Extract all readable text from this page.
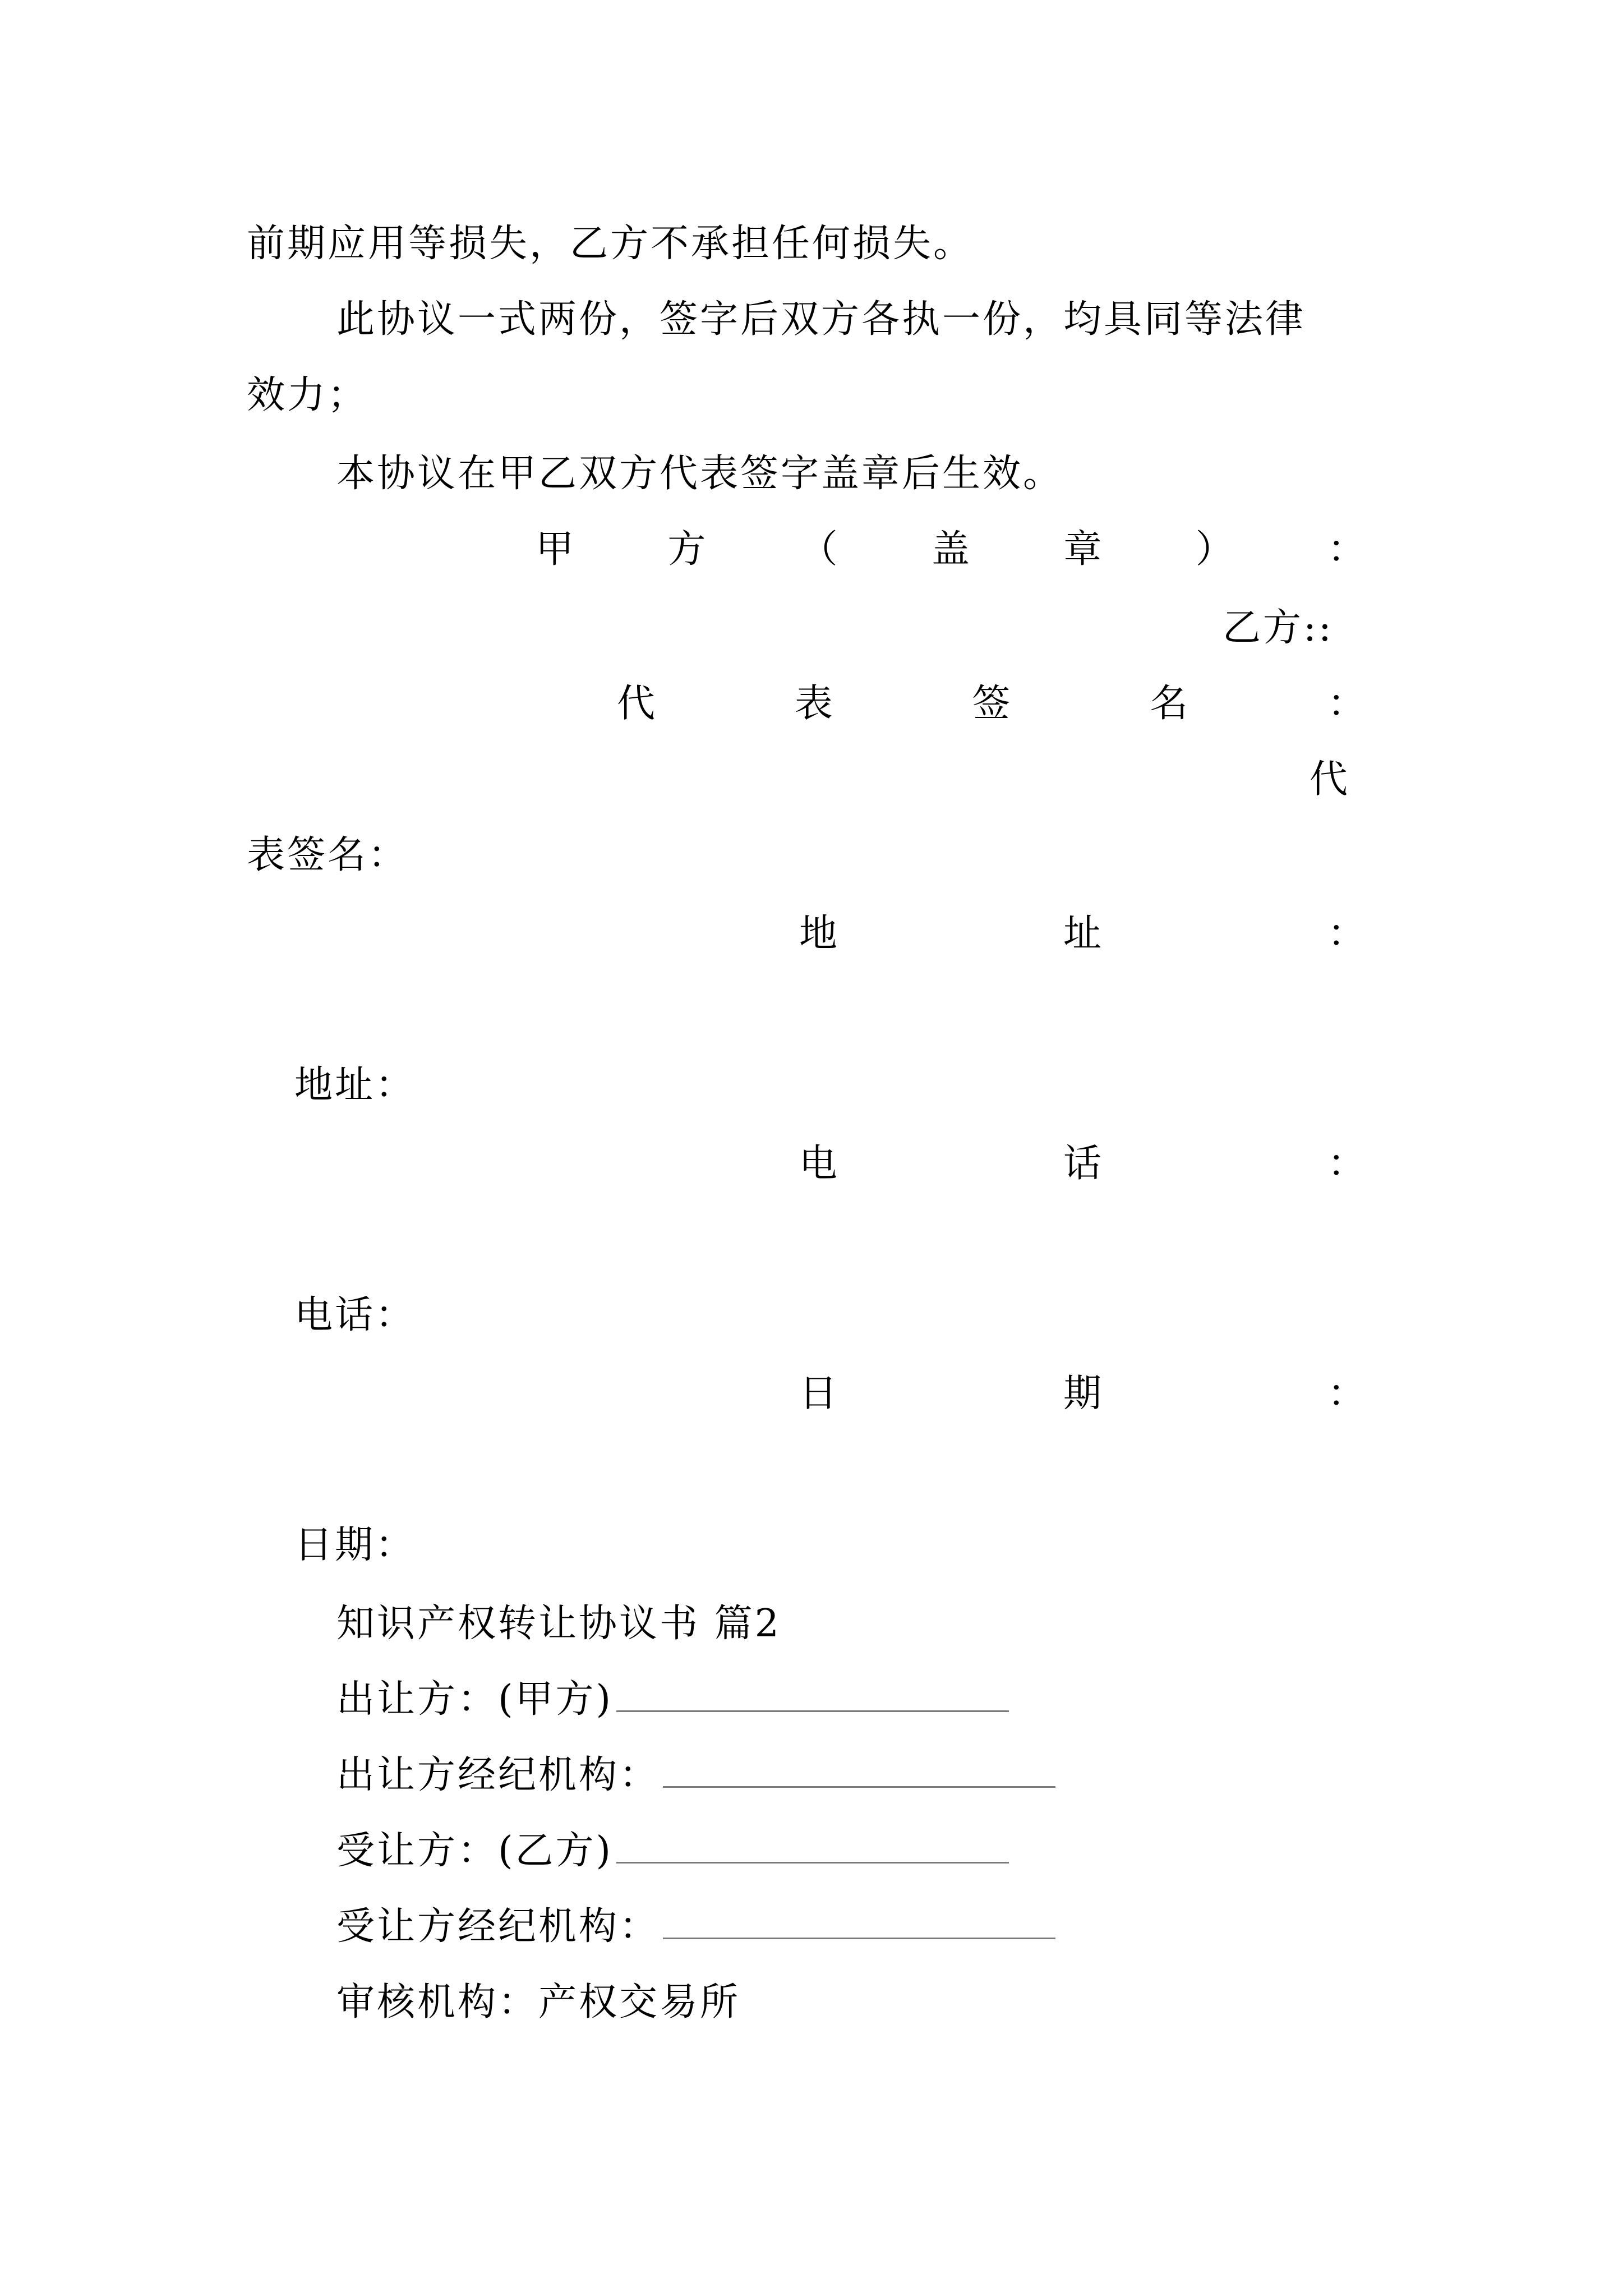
前期应用等损失，乙方不承担任何损失。
此协议一式两份，签字后双方各执一份，均具同等法律
效力；
本协议在甲乙双方代表签字盖章后生效。
甲 方 （ 盖 章 ） ：
乙方::
代	表	签	名	：
代
表签名：
地	址	：
地址：
电	话	：
电话：
日	期	：
日期：
知识产权转让协议书 篇2
出让方：(甲方)
出让方经纪机构：
受让方：(乙方)
受让方经纪机构：
审核机构：产权交易所
